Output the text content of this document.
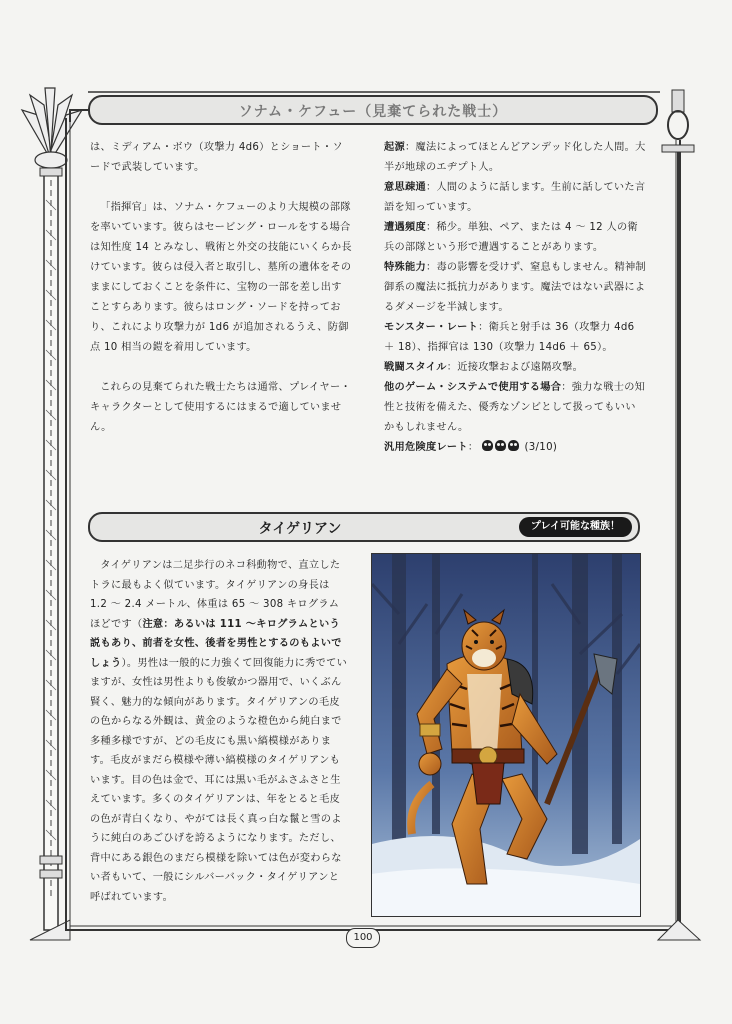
ソナム・ケフュー（見棄てられた戦士）

は、ミディアム・ボウ（攻撃力 4d6）とショート・ソードで武装しています。

「指揮官」は、ソナム・ケフューのより大規模の部隊を率いています。彼らはセービング・ロールをする場合は知性度 14 とみなし、戦術と外交の技能にいくらか長けています。彼らは侵入者と取引し、墓所の遺体をそのままにしておくことを条件に、宝物の一部を差し出すことすらあります。彼らはロング・ソードを持っており、これにより攻撃力が 1d6 が追加されるうえ、防御点 10 相当の鎧を着用しています。

これらの見棄てられた戦士たちは通常、プレイヤー・キャラクターとして使用するにはまるで適していません。

起源：魔法によってほとんどアンデッド化した人間。大半が地球のエヂプト人。

意思疎通：人間のように話します。生前に話していた言語を知っています。

遭遇頻度：稀少。単独、ペア、または 4 〜 12 人の衛兵の部隊という形で遭遇することがあります。

特殊能力：毒の影響を受けず、窒息もしません。精神制御系の魔法に抵抗力があります。魔法ではない武器によるダメージを半減します。

モンスター・レート：衛兵と射手は 36（攻撃力 4d6 ＋ 18）、指揮官は 130（攻撃力 14d6 ＋ 65）。

戦闘スタイル：近接攻撃および遠隔攻撃。

他のゲーム・システムで使用する場合：強力な戦士の知性と技術を備えた、優秀なゾンビとして扱ってもいいかもしれません。

汎用危険度レート：	(3/10)

タイゲリアン	プレイ可能な種族！

タイゲリアンは二足歩行のネコ科動物で、直立したトラに最もよく似ています。タイゲリアンの身長は 1.2 〜 2.4 メートル、体重は 65 〜 308 キログラムほどです（注意：あるいは 111 〜キログラムという説もあり、前者を女性、後者を男性とするのもよいでしょう）。男性は一般的に力強くて回復能力に秀でていますが、女性は男性よりも俊敏かつ器用で、いくぶん賢く、魅力的な傾向があります。タイゲリアンの毛皮の色からなる外観は、黄金のような橙色から純白まで多種多様ですが、どの毛皮にも黒い縞模様があります。毛皮がまだら模様や薄い縞模様のタイゲリアンもいます。目の色は金で、耳には黒い毛がふさふさと生えています。多くのタイゲリアンは、年をとると毛皮の色が青白くなり、やがては長く真っ白な鬣と雪のように純白のあごひげを誇るようになります。ただし、背中にある銀色のまだら模様を除いては色が変わらない者もいて、一般にシルバーバック・タイゲリアンと呼ばれています。

100
